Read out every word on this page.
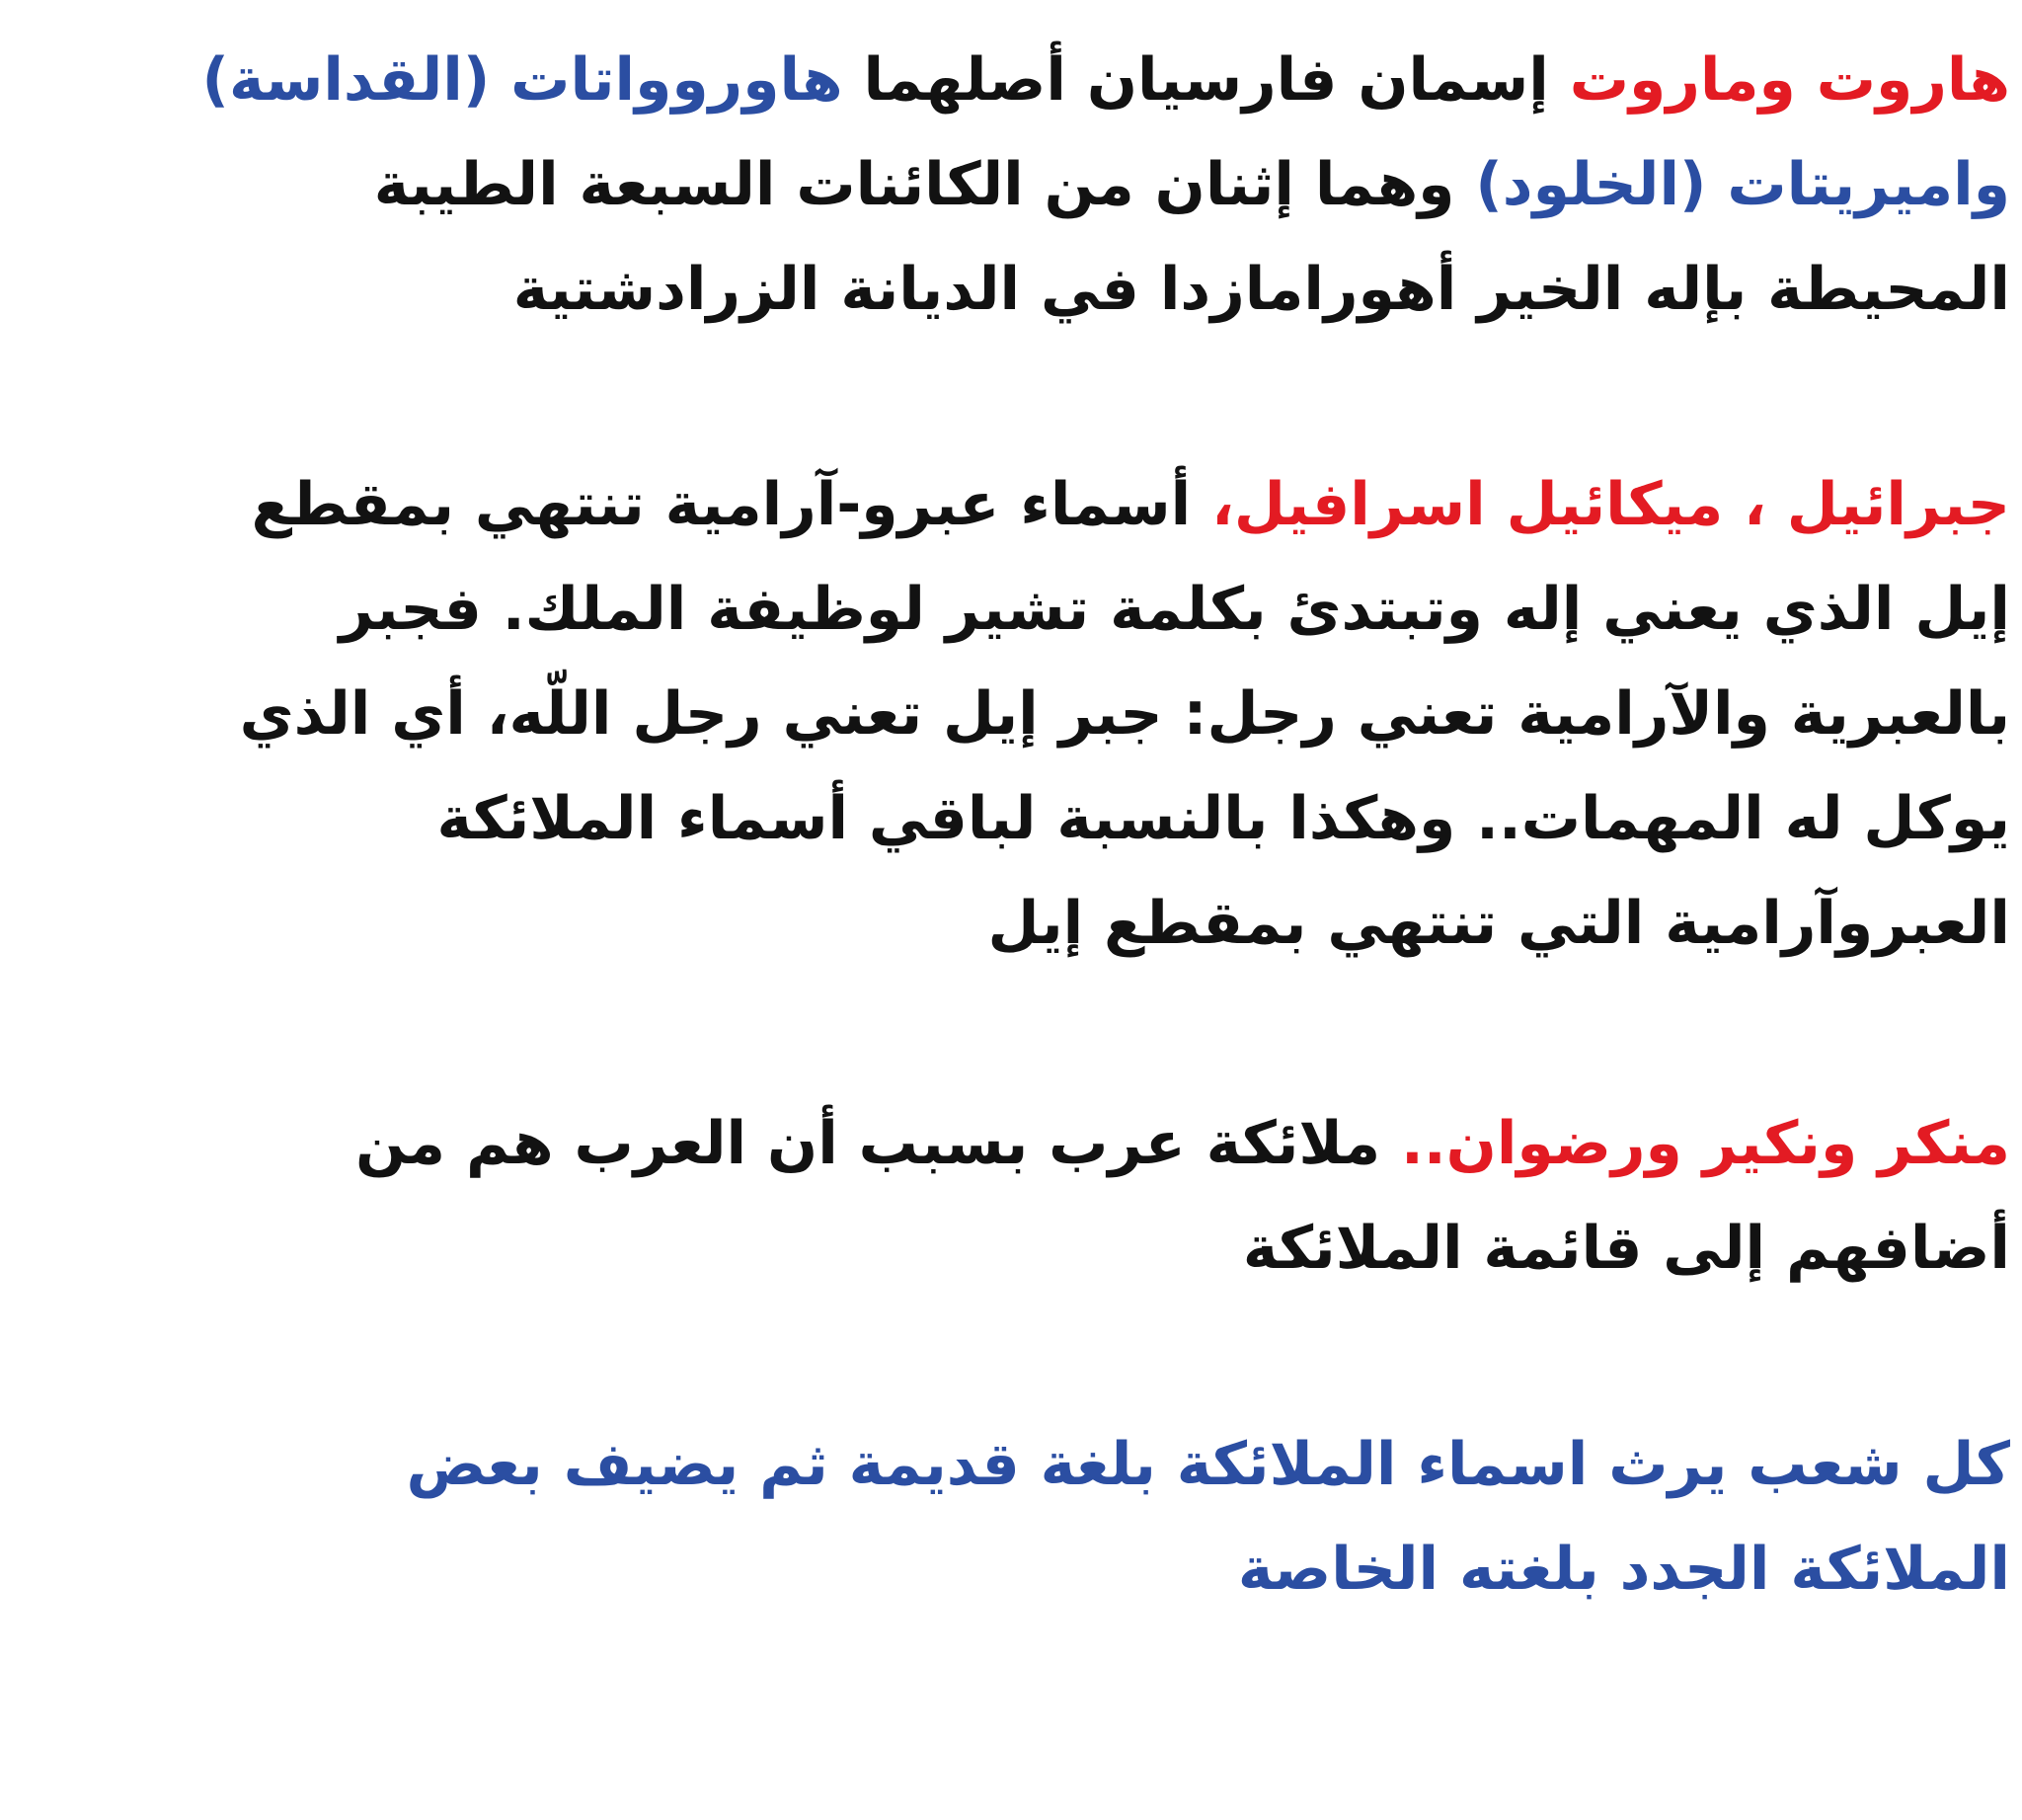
هاروت وماروت إسمان فارسيان أصلهما هاوروواتات (القداسة)
واميريتات (الخلود) وهما إثنان من الكائنات السبعة الطيبة
المحيطة بإله الخير أهورامازدا في الديانة الزرادشتية
جبرائيل ، ميكائيل اسرافيل، أسماء عبرو-آرامية تنتهي بمقطع
إيل الذي يعني إله وتبتدئ بكلمة تشير لوظيفة الملك. فجبر
بالعبرية والآرامية تعني رجل: جبر إيل تعني رجل اللّه، أي الذي
يوكل له المهمات.. وهكذا بالنسبة لباقي أسماء الملائكة
العبروآرامية التي تنتهي بمقطع إيل
منكر ونكير ورضوان.. ملائكة عرب بسبب أن العرب هم من
أضافهم إلى قائمة الملائكة
كل شعب يرث اسماء الملائكة بلغة قديمة ثم يضيف بعض
الملائكة الجدد بلغته الخاصة
